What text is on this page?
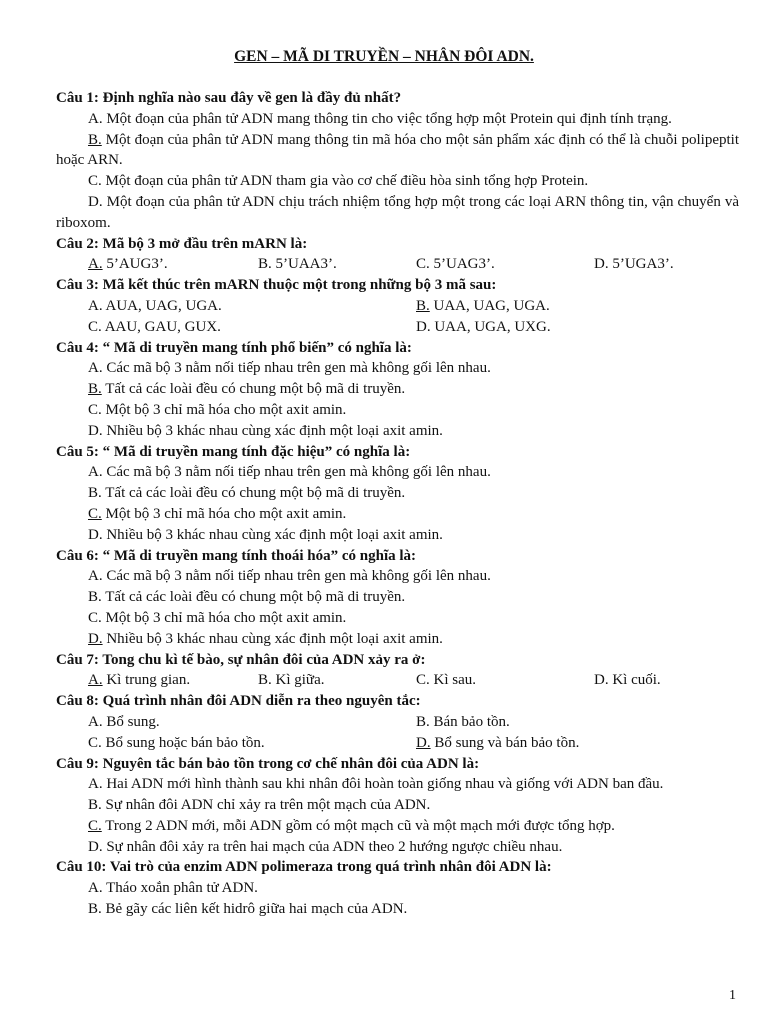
GEN – MÃ DI TRUYỀN – NHÂN ĐÔI ADN.
Câu 1: Định nghĩa nào sau đây về gen là đầy đủ nhất?
A. Một đoạn của phân tử ADN mang thông tin cho việc tổng hợp một Protein qui định tính trạng.
B. Một đoạn của phân tử ADN mang thông tin mã hóa cho một sản phẩm xác định có thể là chuỗi polipeptit hoặc ARN.
C. Một đoạn của phân tử ADN tham gia vào cơ chế điều hòa sinh tổng hợp Protein.
D. Một đoạn của phân tử ADN chịu trách nhiệm tổng hợp một trong các loại ARN thông tin, vận chuyển và riboxom.
Câu 2: Mã bộ 3 mở đầu trên mARN là:
A. 5’AUG3’.	B. 5’UAA3’.	C. 5’UAG3’.	D. 5’UGA3’.
Câu 3: Mã kết thúc trên mARN thuộc một trong những bộ 3 mã sau:
A. AUA, UAG, UGA.	B. UAA, UAG, UGA.
C. AAU, GAU, GUX.	D. UAA, UGA, UXG.
Câu 4: “ Mã di truyền mang tính phổ biến” có nghĩa là:
A. Các mã bộ 3 nằm nối tiếp nhau trên gen mà không gối lên nhau.
B. Tất cả các loài đều có chung một bộ mã di truyền.
C. Một bộ 3 chỉ mã hóa cho một axit amin.
D. Nhiều bộ 3 khác nhau cùng xác định một loại axit amin.
Câu 5: “ Mã di truyền mang tính đặc hiệu” có nghĩa là:
A. Các mã bộ 3 nằm nối tiếp nhau trên gen mà không gối lên nhau.
B. Tất cả các loài đều có chung một bộ mã di truyền.
C. Một bộ 3 chỉ mã hóa cho một axit amin.
D. Nhiều bộ 3 khác nhau cùng xác định một loại axit amin.
Câu 6: “ Mã di truyền mang tính thoái hóa” có nghĩa là:
A. Các mã bộ 3 nằm nối tiếp nhau trên gen mà không gối lên nhau.
B. Tất cả các loài đều có chung một bộ mã di truyền.
C. Một bộ 3 chỉ mã hóa cho một axit amin.
D. Nhiều bộ 3 khác nhau cùng xác định một loại axit amin.
Câu 7: Tong chu kì tế bào, sự nhân đôi của ADN xảy ra ở:
A. Kì trung gian.	B. Kì giữa.	C. Kì sau.	D. Kì cuối.
Câu 8: Quá trình nhân đôi ADN diễn ra theo nguyên tắc:
A. Bổ sung.	B. Bán bảo tồn.
C. Bổ sung hoặc bán bảo tồn.	D. Bổ sung và bán bảo tồn.
Câu 9: Nguyên tắc bán bảo tồn trong cơ chế nhân đôi của ADN là:
A. Hai ADN mới hình thành sau khi nhân đôi hoàn toàn giống nhau và giống với ADN ban đầu.
B. Sự nhân đôi ADN chỉ xảy ra trên một mạch của ADN.
C. Trong 2 ADN mới, mỗi ADN gồm có một mạch cũ và một mạch mới được tổng hợp.
D. Sự nhân đôi xảy ra trên hai mạch của ADN theo 2 hướng ngược chiều nhau.
Câu 10: Vai trò của enzim ADN polimeraza trong quá trình nhân đôi ADN là:
A. Tháo xoắn phân tử ADN.
B. Bẻ gãy các liên kết hidrô giữa hai mạch của ADN.
1
